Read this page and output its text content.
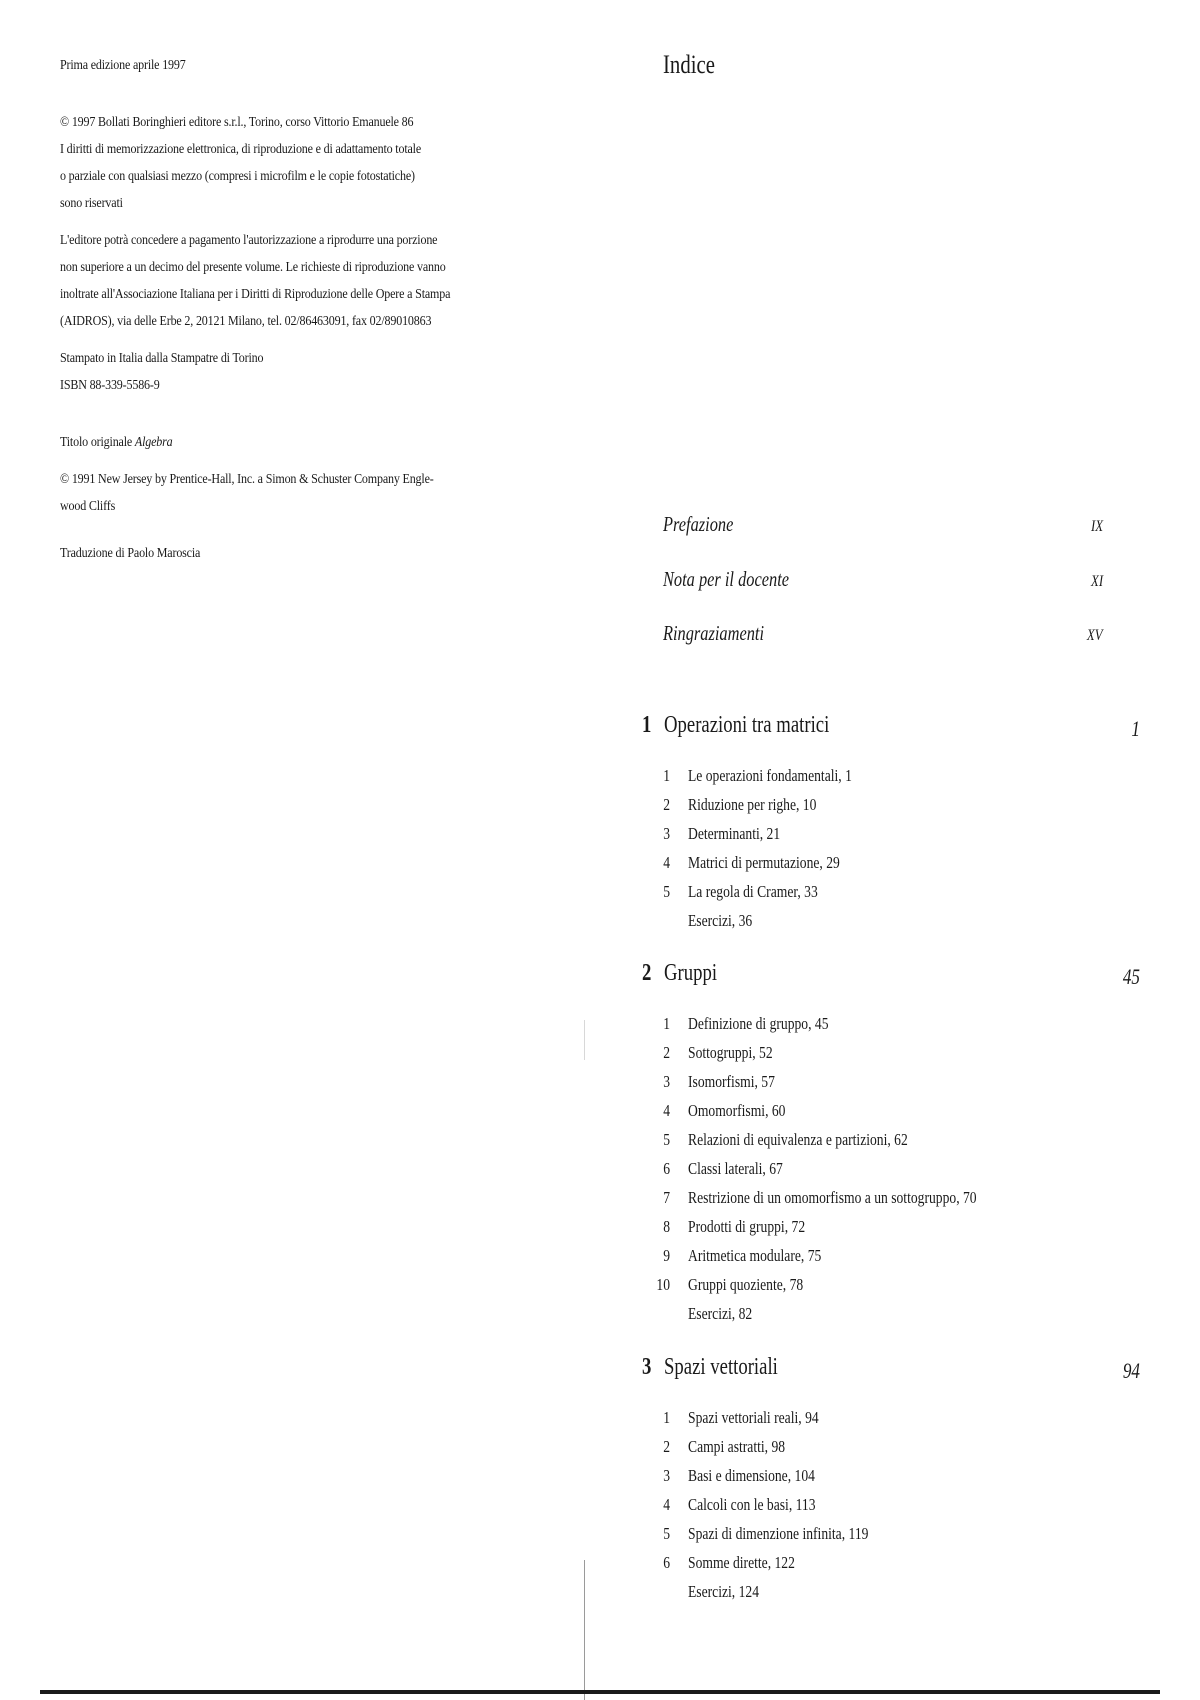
Prima edizione aprile 1997
© 1997 Bollati Boringhieri editore s.r.l., Torino, corso Vittorio Emanuele 86
I diritti di memorizzazione elettronica, di riproduzione e di adattamento totale
o parziale con qualsiasi mezzo (compresi i microfilm e le copie fotostatiche)
sono riservati
L'editore potrà concedere a pagamento l'autorizzazione a riprodurre una porzione
non superiore a un decimo del presente volume. Le richieste di riproduzione vanno
inoltrate all'Associazione Italiana per i Diritti di Riproduzione delle Opere a Stampa
(AIDROS), via delle Erbe 2, 20121 Milano, tel. 02/86463091, fax 02/89010863
Stampato in Italia dalla Stampatre di Torino
ISBN 88-339-5586-9
Titolo originale Algebra
© 1991 New Jersey by Prentice-Hall, Inc. a Simon & Schuster Company Engle-
wood Cliffs
Traduzione di Paolo Maroscia
Indice
Prefazione	IX
Nota per il docente	XI
Ringraziamenti	XV
1 Operazioni tra matrici	1
1 Le operazioni fondamentali, 1
2 Riduzione per righe, 10
3 Determinanti, 21
4 Matrici di permutazione, 29
5 La regola di Cramer, 33
Esercizi, 36
2 Gruppi	45
1 Definizione di gruppo, 45
2 Sottogruppi, 52
3 Isomorfismi, 57
4 Omomorfismi, 60
5 Relazioni di equivalenza e partizioni, 62
6 Classi laterali, 67
7 Restrizione di un omomorfismo a un sottogruppo, 70
8 Prodotti di gruppi, 72
9 Aritmetica modulare, 75
10 Gruppi quoziente, 78
Esercizi, 82
3 Spazi vettoriali	94
1 Spazi vettoriali reali, 94
2 Campi astratti, 98
3 Basi e dimensione, 104
4 Calcoli con le basi, 113
5 Spazi di dimenzione infinita, 119
6 Somme dirette, 122
Esercizi, 124
